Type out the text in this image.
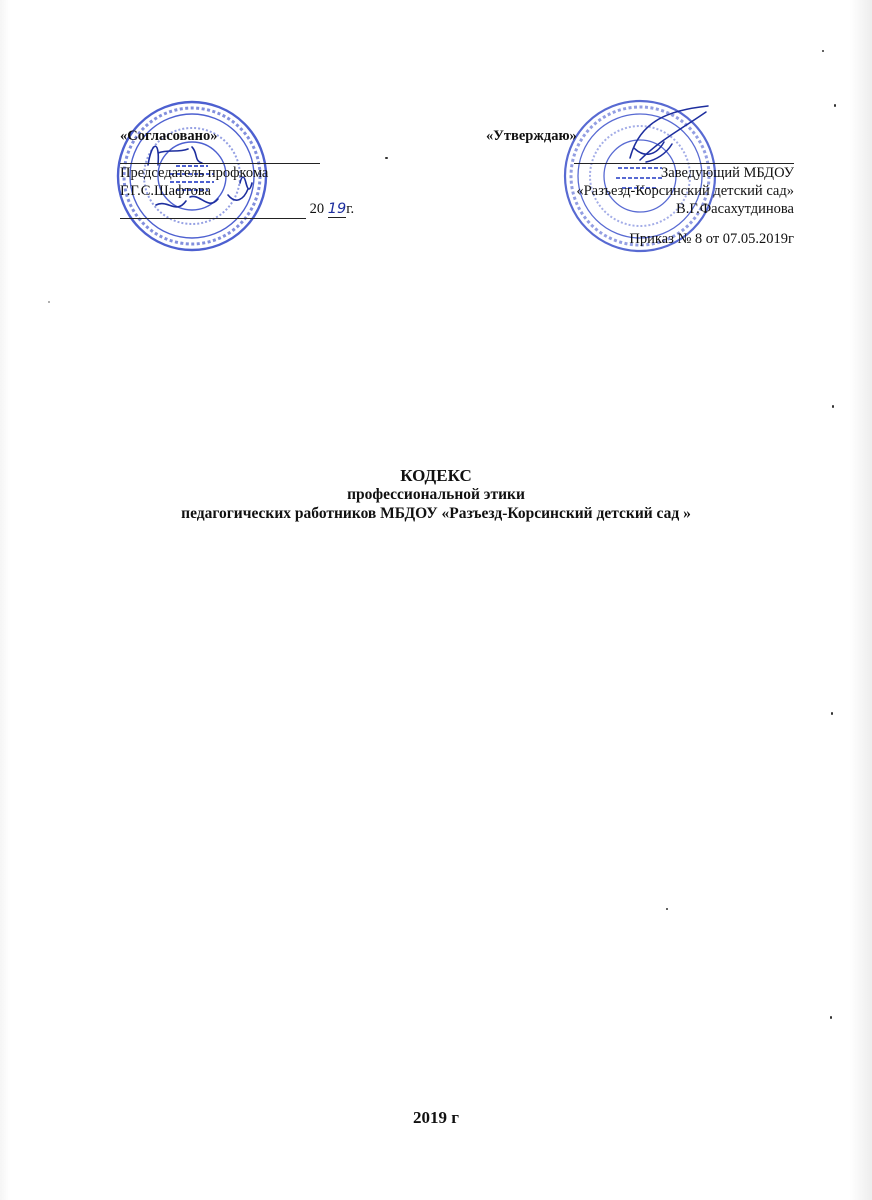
«Согласовано»

Председатель профкома
Г.Г.С.Шафтова
20 19г.
«Утверждаю»

Заведующий МБДОУ
«Разъезд-Корсинский детский сад»
В.Г.Фасахутдинова
Приказ № 8 от 07.05.2019г
КОДЕКС
профессиональной этики
педагогических работников МБДОУ «Разъезд-Корсинский детский сад »
2019 г
